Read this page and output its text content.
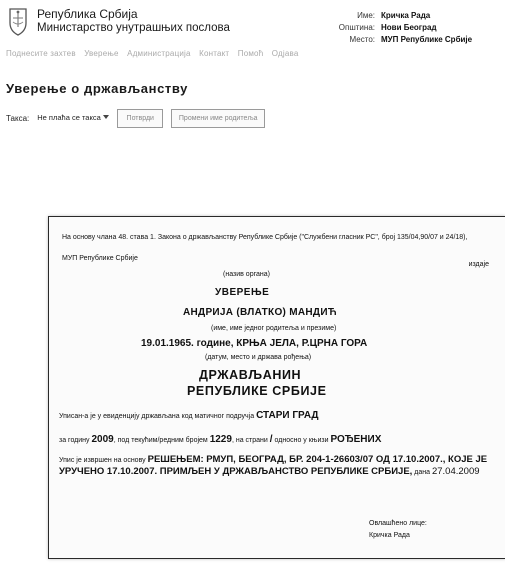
Република Србија
Министарство унутрашњих послова
Име: Кричка Рада
Општина: Нови Београд
Место: МУП Републике Србије
Поднесите захтев Уверење Администрација Контакт Помоћ Одјава
Уверење о држављанству
Такса: Не плаћа се такса	Потврди	Промени име родитеља
На основу члана 48. става 1. Закона о држављанству Републике Србије ("Службени гласник РС", број 135/04,90/07 и 24/18),
МУП Републике Србије
издаје
(назив органа)
УВЕРЕЊЕ
АНДРИЈА (ВЛАТКО) МАНДИЋ
(име, име једног родитеља и презиме)
19.01.1965. године, КРЊА ЈЕЛА, Р.ЦРНА ГОРА
(датум, место и држава рођења)
ДРЖАВЉАНИН
РЕПУБЛИКЕ СРБИЈЕ
Уписан-а је у евиденцију држављана код матичног подручја СТАРИ ГРАД
за годину 2009, под текућим/редним бројем 1229, на страни / односно у књизи РОЂЕНИХ
Упис је извршен на основу РЕШЕЊЕМ: РМУП, БЕОГРАД, БР. 204-1-26603/07 ОД 17.10.2007., КОЈЕ ЈЕ УРУЧЕНО 17.10.2007. ПРИМЉЕН У ДРЖАВЉАНСТВО РЕПУБЛИКЕ СРБИЈЕ, дана 27.04.2009
Овлашћено лице:
Кричка Рада
